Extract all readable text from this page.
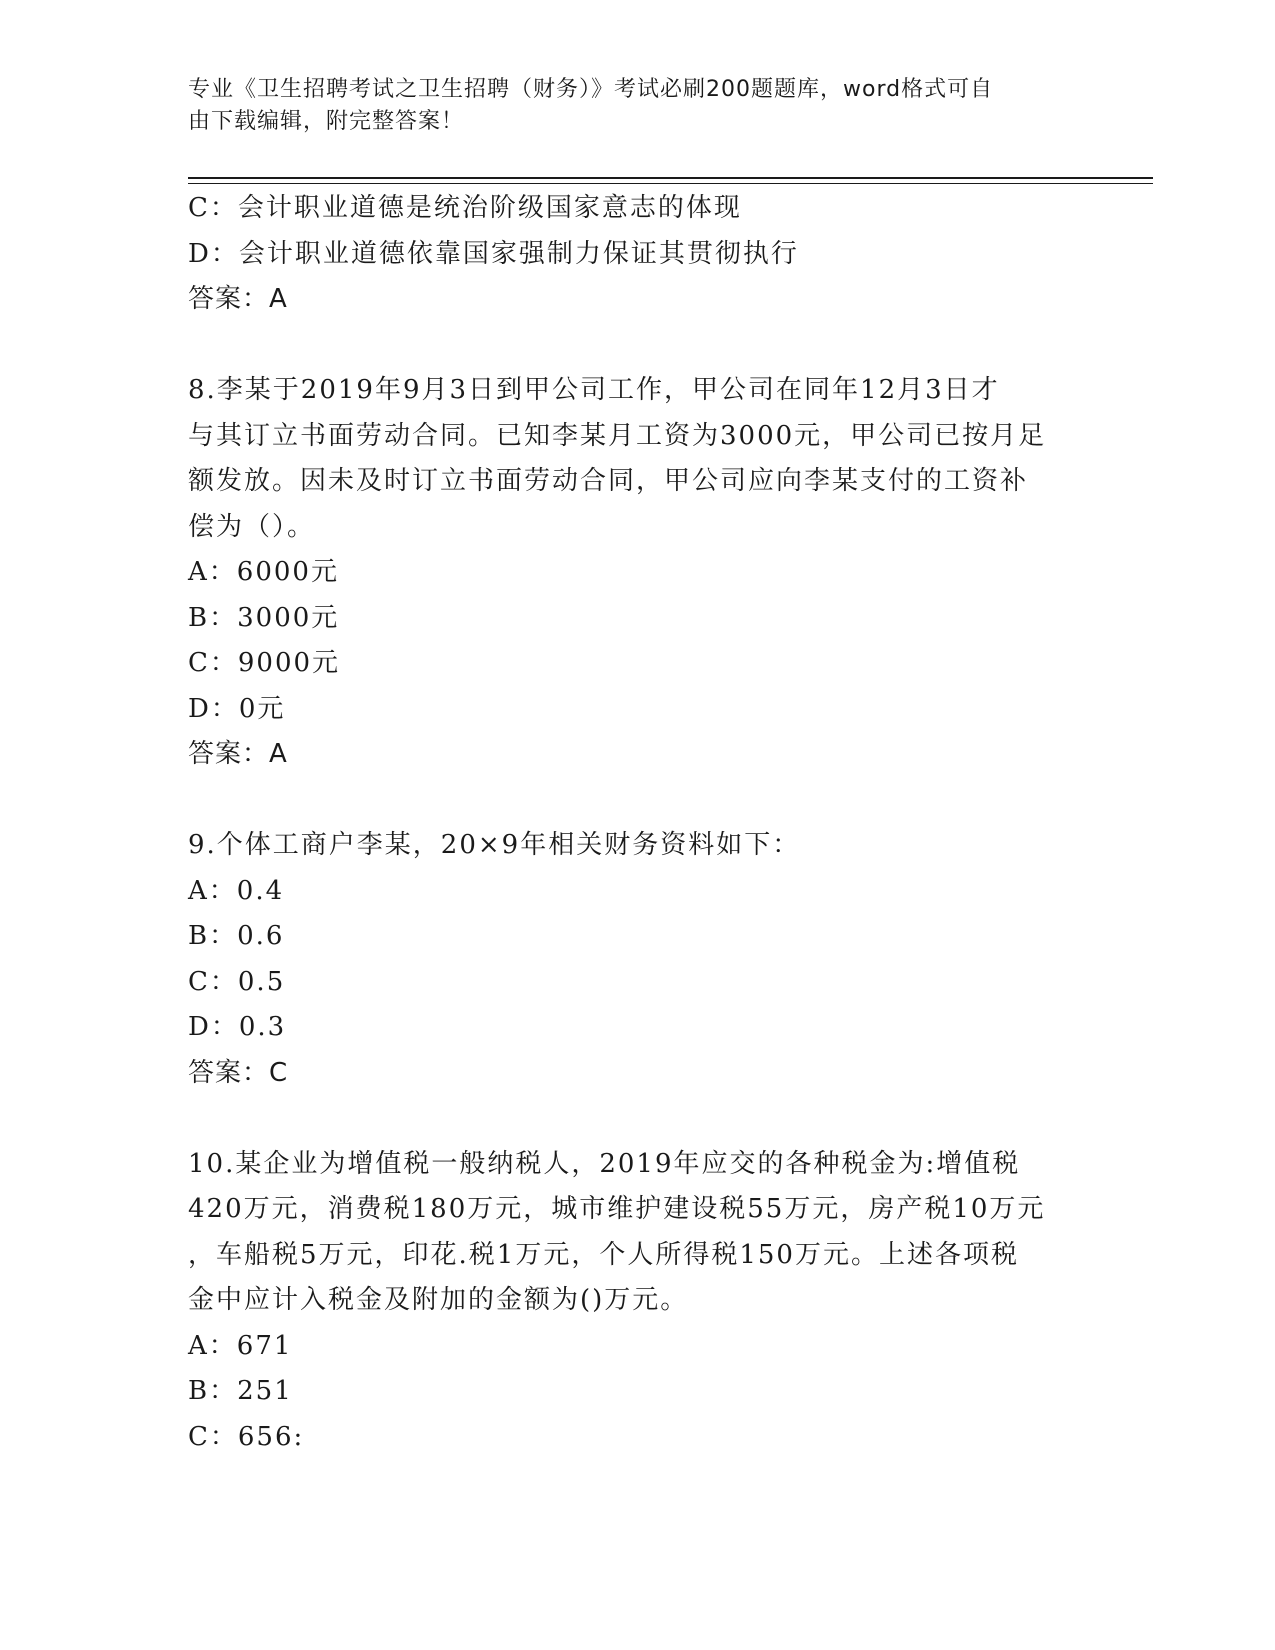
专业《卫生招聘考试之卫生招聘（财务）》考试必刷200题题库，word格式可自
由下载编辑，附完整答案！
C：会计职业道德是统治阶级国家意志的体现
D：会计职业道德依靠国家强制力保证其贯彻执行
答案：A
8.李某于2019年9月3日到甲公司工作，甲公司在同年12月3日才
与其订立书面劳动合同。已知李某月工资为3000元，甲公司已按月足
额发放。因未及时订立书面劳动合同，甲公司应向李某支付的工资补
偿为（）。
A：6000元
B：3000元
C：9000元
D：0元
答案：A
9.个体工商户李某，20×9年相关财务资料如下：
A：0.4
B：0.6
C：0.5
D：0.3
答案：C
10.某企业为增值税一般纳税人，2019年应交的各种税金为:增值税
420万元，消费税180万元，城市维护建设税55万元，房产税10万元
，车船税5万元，印花.税1万元，个人所得税150万元。上述各项税
金中应计入税金及附加的金额为()万元。
A：671
B：251
C：656:
